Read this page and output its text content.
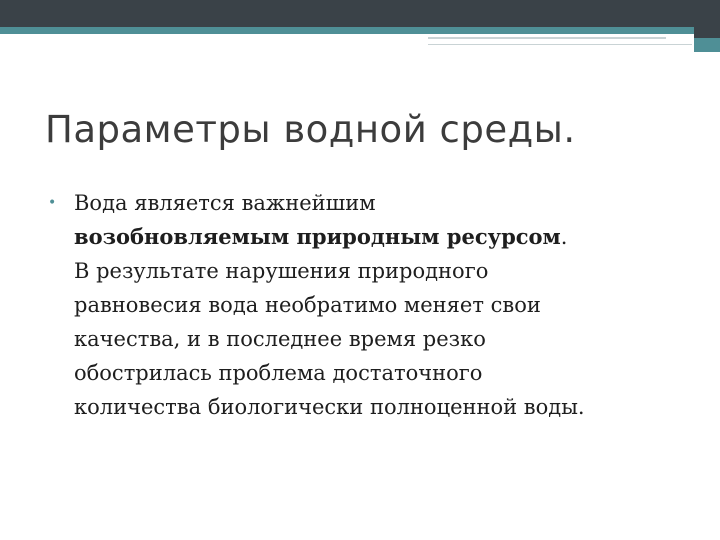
Параметры водной среды.
• Вода является важнейшим
возобновляемым природным ресурсом.
В результате нарушения природного
равновесия вода необратимо меняет свои
качества, и в последнее время резко
обострилась проблема достаточного
количества биологически полноценной воды.
